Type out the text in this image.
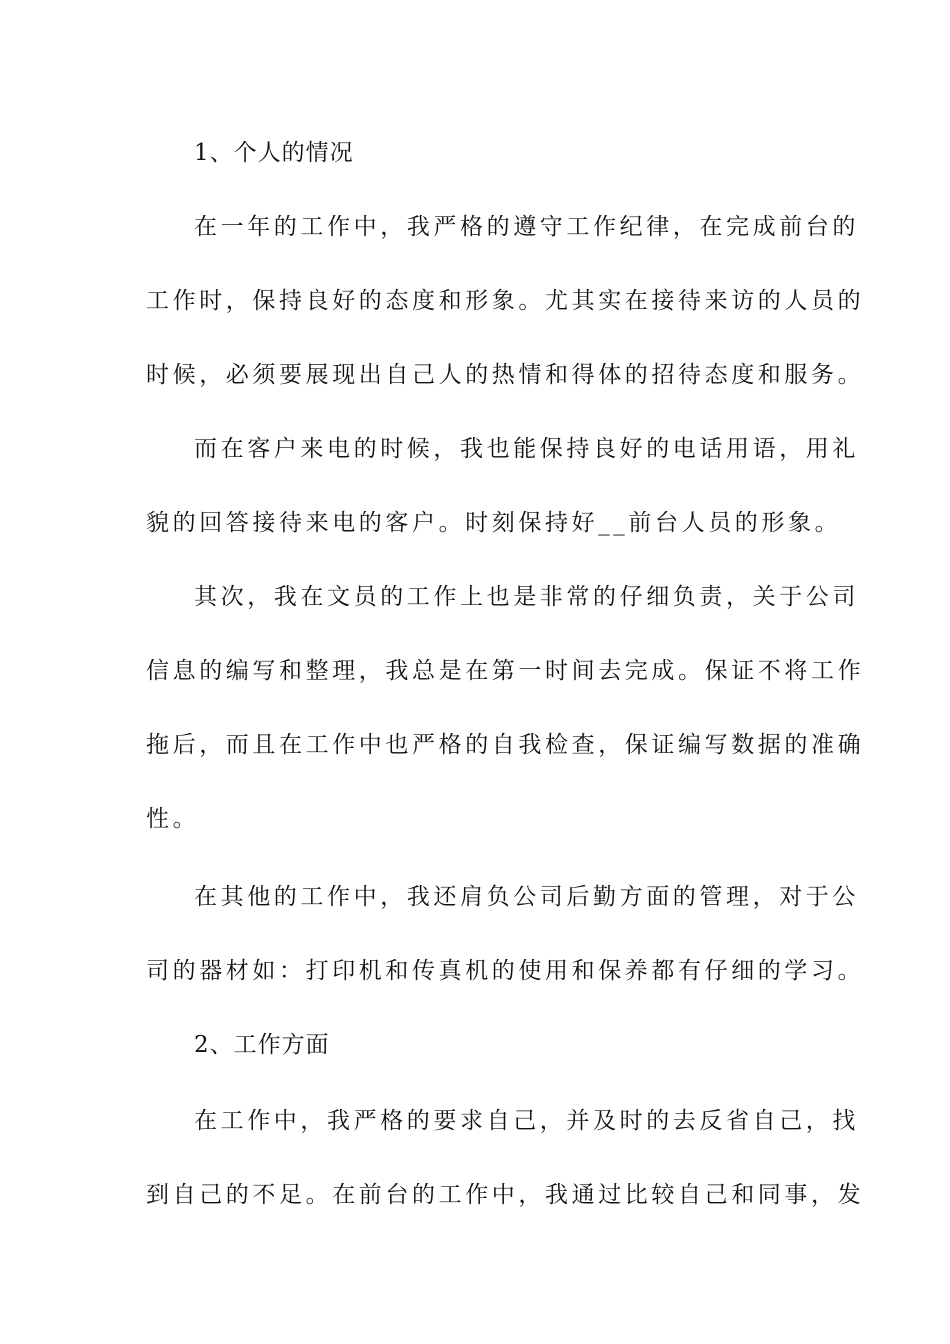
1、个人的情况

在一年的工作中，我严格的遵守工作纪律，在完成前台的
工作时，保持良好的态度和形象。尤其实在接待来访的人员的
时候，必须要展现出自己人的热情和得体的招待态度和服务。

而在客户来电的时候，我也能保持良好的电话用语，用礼
貌的回答接待来电的客户。时刻保持好__前台人员的形象。

其次，我在文员的工作上也是非常的仔细负责，关于公司
信息的编写和整理，我总是在第一时间去完成。保证不将工作
拖后，而且在工作中也严格的自我检查，保证编写数据的准确
性。

在其他的工作中，我还肩负公司后勤方面的管理，对于公
司的器材如：打印机和传真机的使用和保养都有仔细的学习。

2、工作方面

在工作中，我严格的要求自己，并及时的去反省自己，找
到自己的不足。在前台的工作中，我通过比较自己和同事，发
